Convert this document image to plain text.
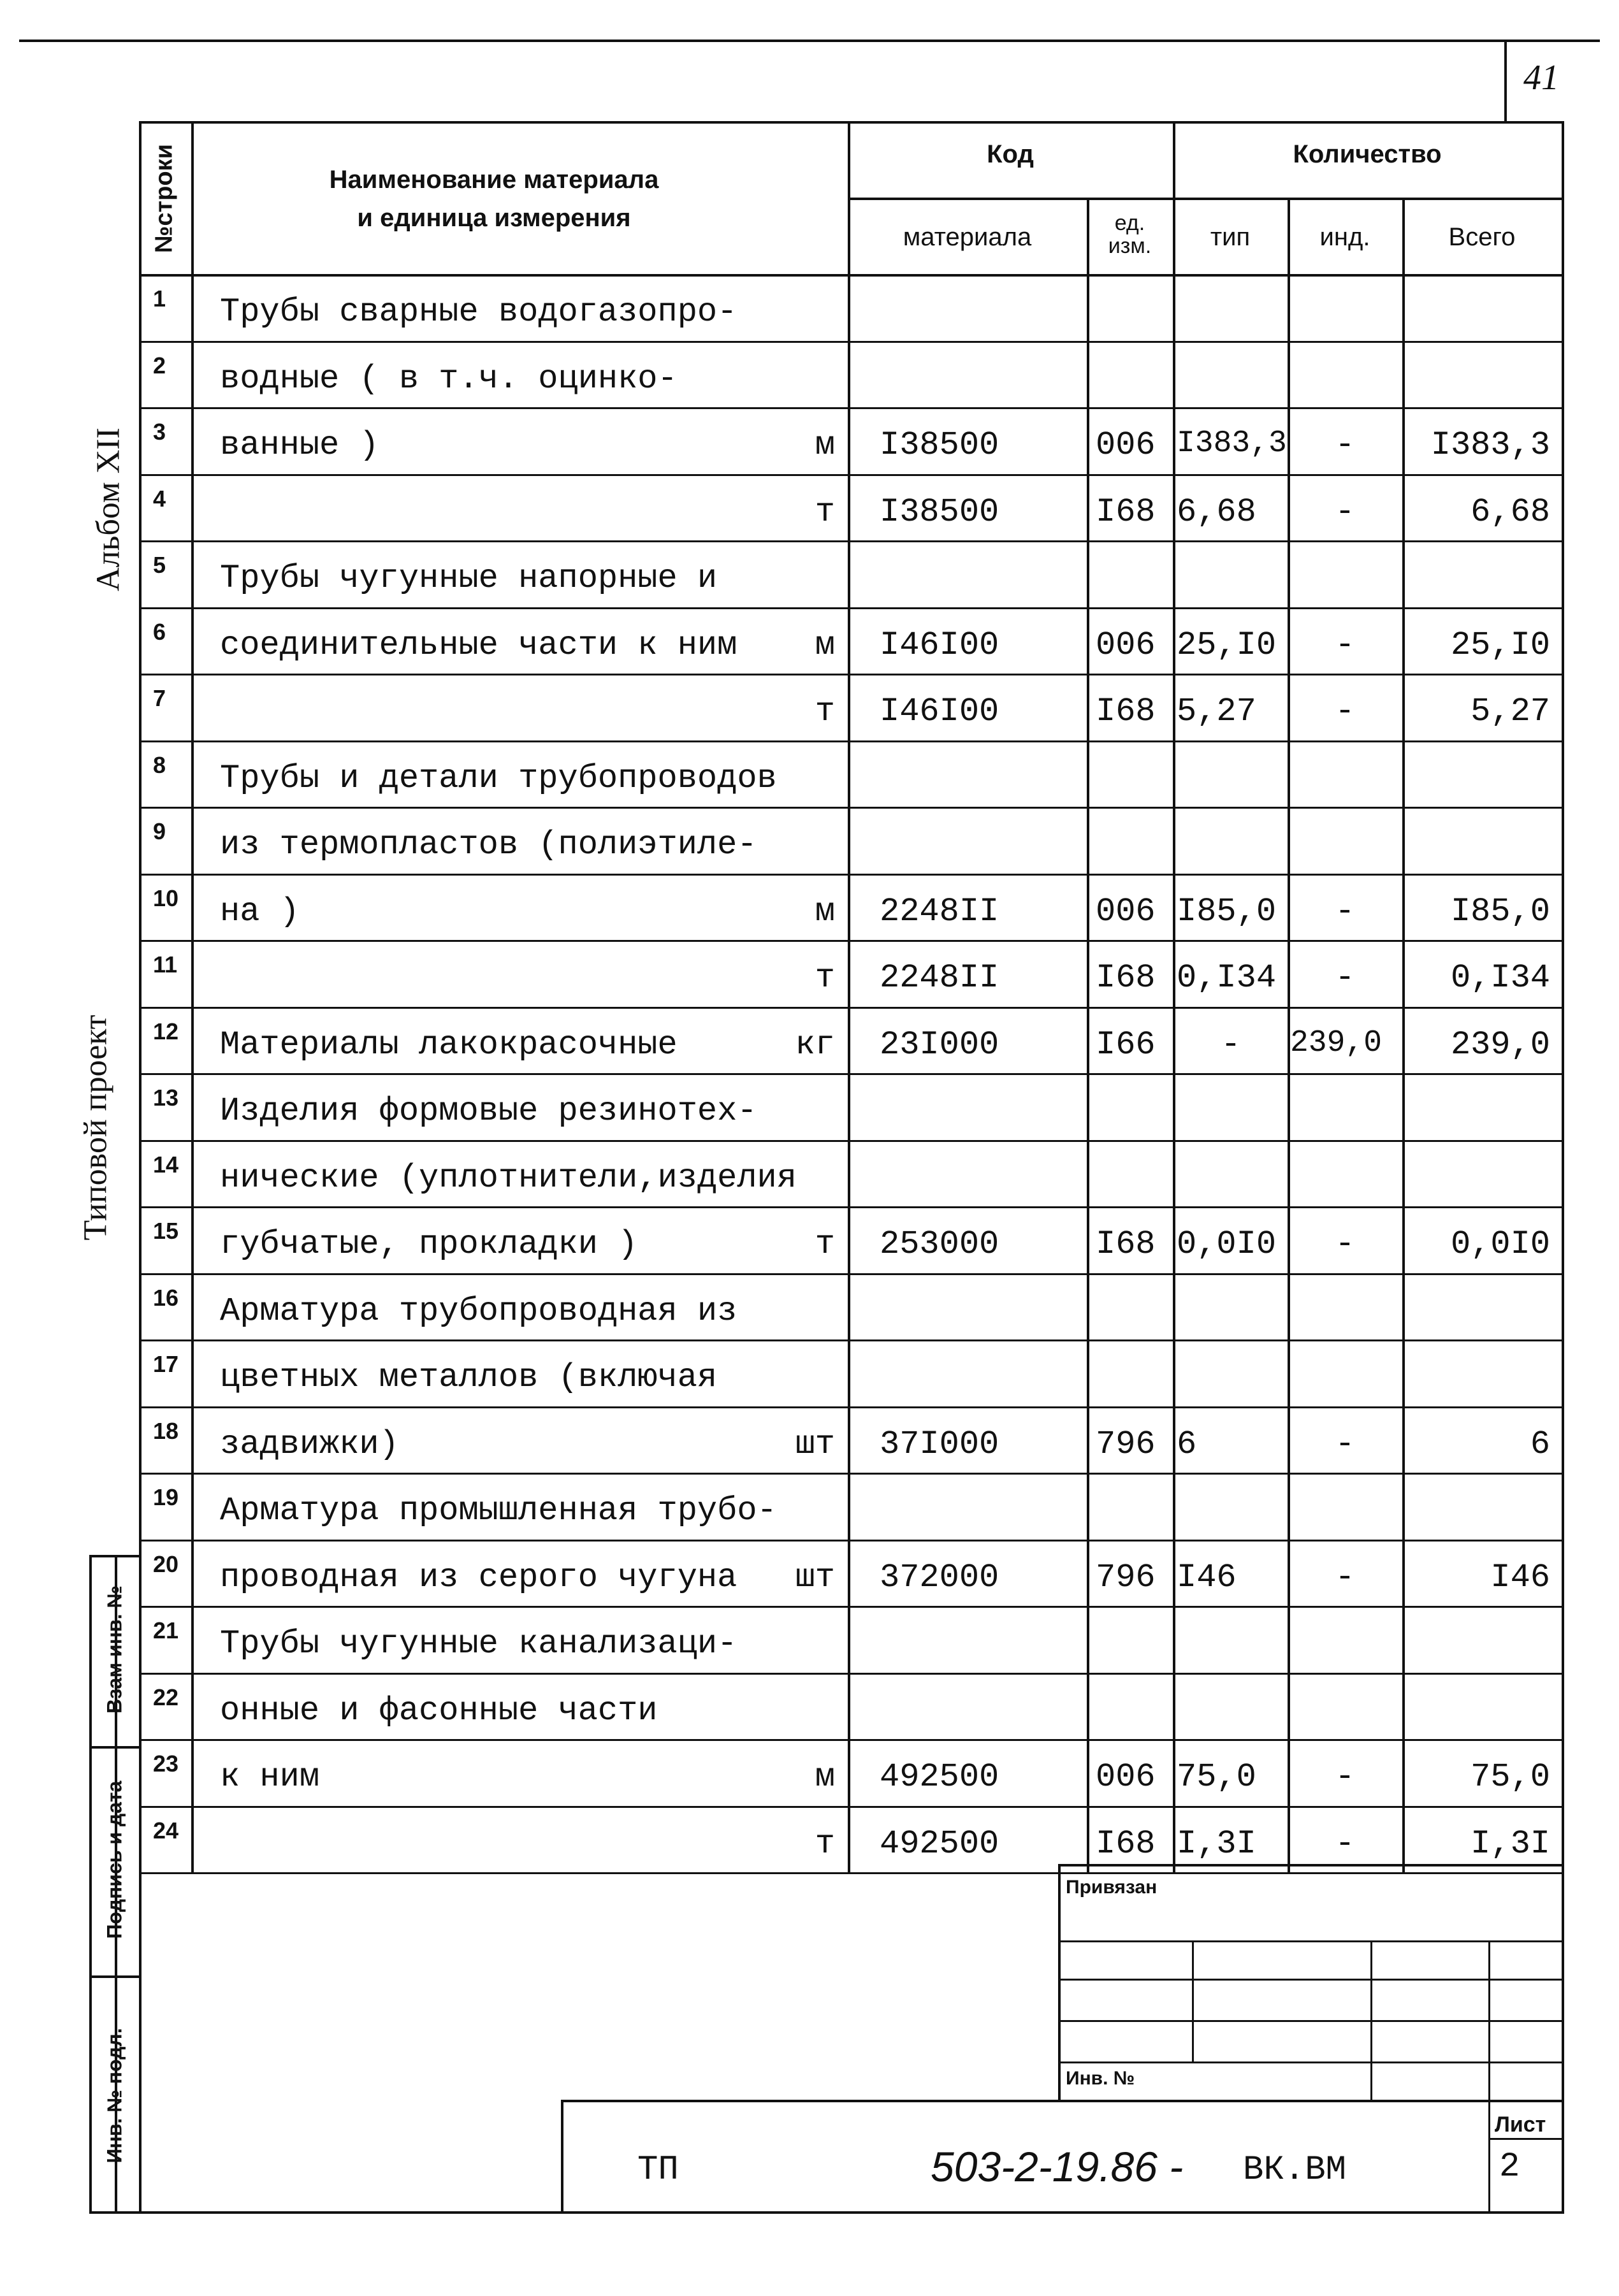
41
Альбом XII
Типовой проект
№строки	Наименование материала
и единица измерения
Код	Количество
материала	ед. изм.	тип	инд.	Всего
1 Трубы сварные водогазопро-
2 водные ( в т.ч. оцинко-
3 ванные )	м I38500	006 I383,3	-	I383,3
4	т I38500	I68 6,68	-	6,68
5 Трубы чугунные напорные и
6 соединительные части к ним	м I46I00	006 25,I0	-	25,I0
7	т I46I00	I68 5,27	-	5,27
8 Трубы и детали трубопроводов
9 из термопластов (полиэтиле-
10 на )	м 2248II	006 I85,0	-	I85,0
11	т 2248II	I68 0,I34	-	0,I34
12 Материалы лакокрасочные	кг 23I000	I66	-	239,0	239,0
13 Изделия формовые резинотех-
14 нические (уплотнители,изделия
15 губчатые, прокладки )	т 253000	I68 0,0I0	-	0,0I0
16 Арматура трубопроводная из
17 цветных металлов (включая
18 задвижки)	шт 37I000	796 6	-	6
19 Арматура промышленная трубо-
20 проводная из серого чугуна	шт 372000	796 I46	-	I46
21 Трубы чугунные канализаци-
22 онные и фасонные части
23 к ним	м 492500	006 75,0	-	75,0
24	т 492500	I68 I,3I	-	I,3I
Взам инв. №
Подпись и дата
Инв. № подл.
Привязан
Инв. №
ТП	503-2-19.86 - ВК.ВМ
Лист
2
